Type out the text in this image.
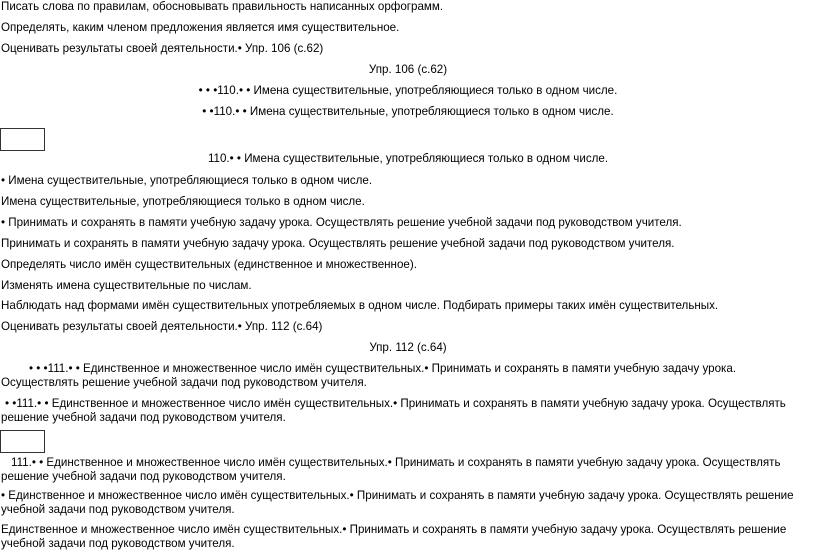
Писать слова по правилам, обосновывать правильность написанных орфограмм.
Определять, каким членом предложения является имя существительное.
Оценивать результаты своей деятельности.• Упр. 106 (с.62)
Упр. 106 (с.62)
• • •110.• • Имена существительные, употребляющиеся только в одном числе.
• •110.• • Имена существительные, употребляющиеся только в одном числе.
110.• • Имена существительные, употребляющиеся только в одном числе.
• Имена существительные, употребляющиеся только в одном числе.
Имена существительные, употребляющиеся только в одном числе.
• Принимать и сохранять в памяти учебную задачу урока. Осуществлять решение учебной задачи под руководством учителя.
Принимать и сохранять в памяти учебную задачу урока. Осуществлять решение учебной задачи под руководством учителя.
Определять число имён существительных (единственное и множественное).
Изменять имена существительные по числам.
Наблюдать над формами имён существительных употребляемых в одном числе. Подбирать примеры таких имён существительных.
Оценивать результаты своей деятельности.• Упр. 112 (с.64)
Упр. 112 (с.64)
• • •111.• • Единственное и множественное число имён существительных.• Принимать и сохранять в памяти учебную задачу урока. Осуществлять решение учебной задачи под руководством учителя.
• •111.• • Единственное и множественное число имён существительных.• Принимать и сохранять в памяти учебную задачу урока. Осуществлять решение учебной задачи под руководством учителя.
111.• • Единственное и множественное число имён существительных.• Принимать и сохранять в памяти учебную задачу урока. Осуществлять решение учебной задачи под руководством учителя.
• Единственное и множественное число имён существительных.• Принимать и сохранять в памяти учебную задачу урока. Осуществлять решение учебной задачи под руководством учителя.
Единственное и множественное число имён существительных.• Принимать и сохранять в памяти учебную задачу урока. Осуществлять решение учебной задачи под руководством учителя.
